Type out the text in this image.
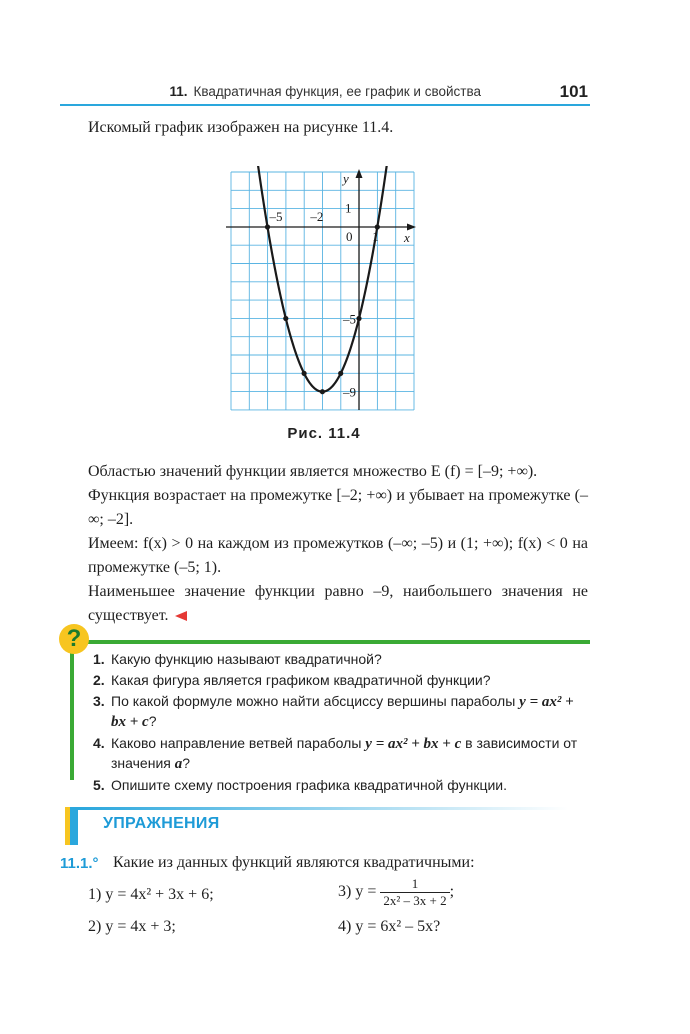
11. Квадратичная функция, ее график и свойства	101
Искомый график изображен на рисунке 11.4.
y
x
–5 –2
1
0
1
–5
–9
Рис. 11.4
Областью значений функции является множество E (f) = [–9; +∞).
Функция возрастает на промежутке [–2; +∞) и убывает на промежутке (–∞; –2].
Имеем: f(x) > 0 на каждом из промежутков (–∞; –5) и (1; +∞); f(x) < 0 на промежутке (–5; 1).
Наименьшее значение функции равно –9, наибольшего значения не существует.
?
1. Какую функцию называют квадратичной?
2. Какая фигура является графиком квадратичной функции?
3. По какой формуле можно найти абсциссу вершины параболы y = ax² + bx + c?
4. Каково направление ветвей параболы y = ax² + bx + c в зависимости от значения a?
5. Опишите схему построения графика квадратичной функции.
УПРАЖНЕНИЯ
11.1.° Какие из данных функций являются квадратичными:
1) y = 4x² + 3x + 6;	3) $y = \frac{1}{\text{2x² – 3x + 2}}$ ;
2) y = 4x + 3;	4) y = 6x² – 5x?
